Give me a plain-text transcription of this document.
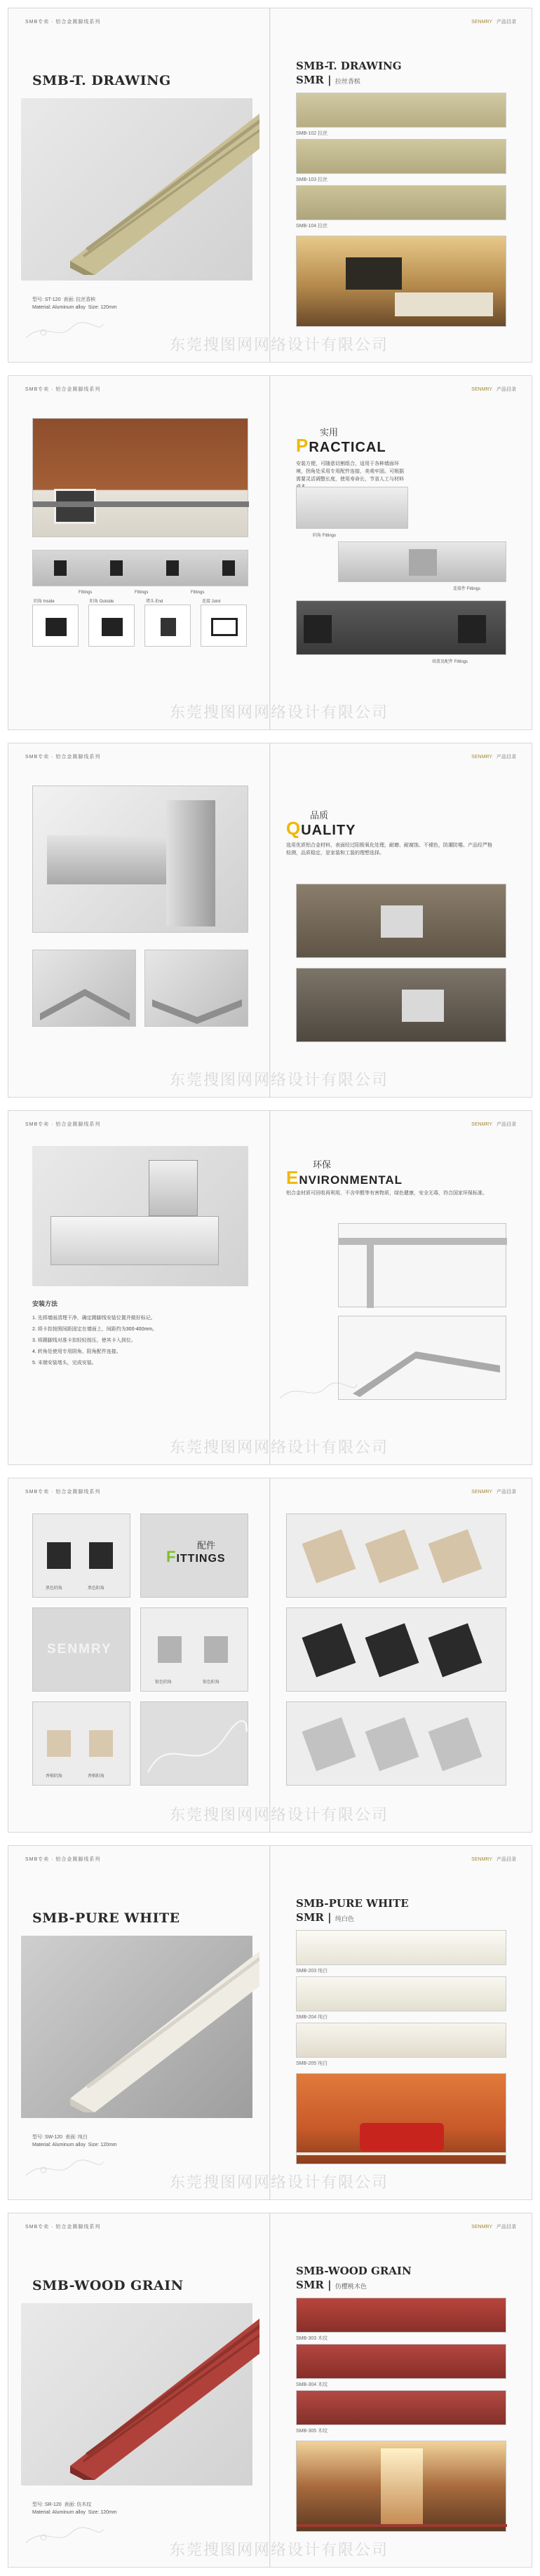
SMB专卖 · 铝合金踢脚线系列
SMB-T. DRAWING
型号: ST-120  表面: 拉丝香槟
Material: Aluminum alloy  Size: 120mm
SENMRY 产品目录
SMB-T. DRAWING
SMR | 拉丝香槟
SMB-102 拉丝
SMB-103 拉丝
SMB-104 拉丝
东莞搜图网网络设计有限公司
SMB专卖 · 铝合金踢脚线系列
Fittings	Fittings	Fittings
阴角 Inside	阳角 Outside	堵头 End	连接 Joint
SENMRY 产品目录
实用
PRACTICAL
安装方便，可随意切割组合，适用于各种墙面环境，拐角处采用专用配件连接，美观牢固。可根据需要灵活调整长度，使用寿命长，节省人工与材料
阴角 Fittings
连接件 Fittings
端盖及配件 Fittings
东莞搜图网网络设计有限公司
SMB专卖 · 铝合金踢脚线系列	SENMRY 产品目录
品质
QUALITY
选用优质铝合金材料，表面经过阳极氧化处理，耐磨、耐腐蚀、不褪色，防潮防霉。产品经严格检测，品质稳定，是家装和工装的理想选择。
东莞搜图网网络设计有限公司
SMB专卖 · 铝合金踢脚线系列
安装方法
1. 先将墙面清理干净，确定踢脚线安装位置并做好标记。
2. 将卡扣按照间距固定在墙面上，间距约为300-400mm。
3. 将踢脚线对准卡扣轻轻按压，使其卡入到位。
4. 转角处使用专用阴角、阳角配件连接。
5. 末端安装堵头，完成安装。
SENMRY 产品目录
环保
ENVIRONMENTAL
铝合金材质可回收再利用，不含甲醛等有害物质，绿色健康，安全无毒，符合国家环保标准。
东莞搜图网网络设计有限公司
SMB专卖 · 铝合金踢脚线系列
黑色阴角	黑色阳角
配件
FITTINGS
SENMRY
银色阴角	银色阳角
香槟阴角	香槟阳角
SENMRY 产品目录
东莞搜图网网络设计有限公司
SMB专卖 · 铝合金踢脚线系列
SMB-PURE WHITE
型号: SW-120  表面: 纯白
Material: Aluminum alloy  Size: 120mm
SENMRY 产品目录
SMB-PURE WHITE
SMR | 纯白色
SMB-203 纯白
SMB-204 纯白
SMB-205 纯白
东莞搜图网网络设计有限公司
SMB专卖 · 铝合金踢脚线系列
SMB-WOOD GRAIN
型号: SR-120  表面: 仿木纹
Material: Aluminum alloy  Size: 120mm
SENMRY 产品目录
SMB-WOOD GRAIN
SMR | 仿樱桃木色
SMB-303 木纹
SMB-304 木纹
SMB-305 木纹
东莞搜图网网络设计有限公司
